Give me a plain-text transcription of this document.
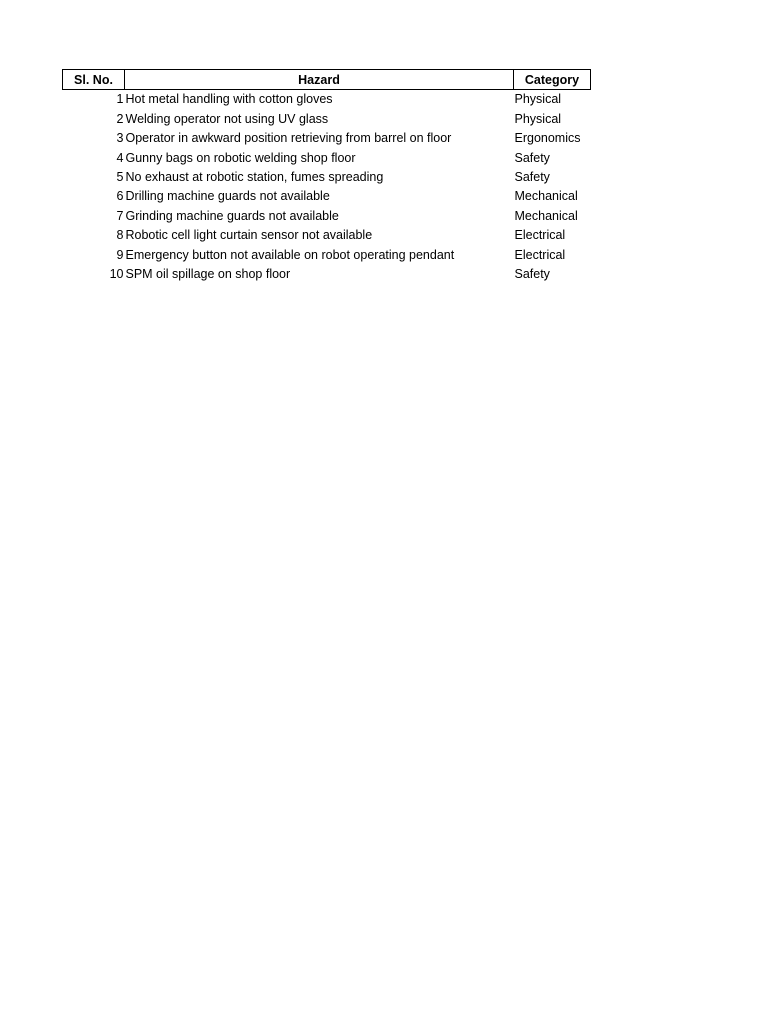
Sl. No.	Hazard	Category
1	Hot metal handling with cotton gloves	Physical
2	Welding operator not using UV glass	Physical
3	Operator in awkward position retrieving from barrel on floor	Ergonomics
4	Gunny bags on robotic welding shop floor	Safety
5	No exhaust at robotic station, fumes spreading	Safety
6	Drilling machine guards not available	Mechanical
7	Grinding machine guards not available	Mechanical
8	Robotic cell light curtain sensor not available	Electrical
9	Emergency button not available on robot operating pendant	Electrical
10	SPM oil spillage on shop floor	Safety
